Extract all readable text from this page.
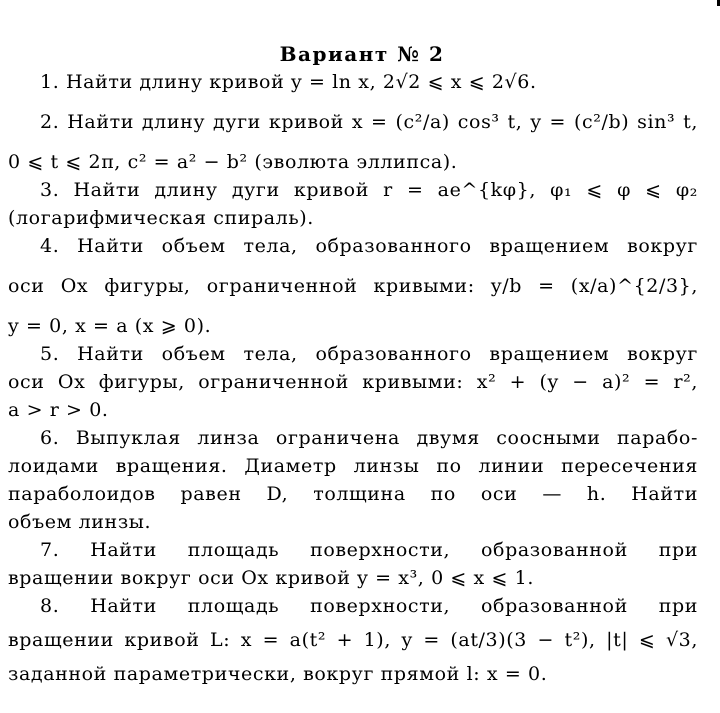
Вариант № 2
1. Найти длину кривой y = ln x, 2√2 ⩽ x ⩽ 2√6.
2. Найти длину дуги кривой x = (c²/a) cos³ t, y = (c²/b) sin³ t,
0 ⩽ t ⩽ 2π, c² = a² − b² (эволюта эллипса).
3. Найти длину дуги кривой r = ae^{kφ}, φ₁ ⩽ φ ⩽ φ₂
(логарифмическая спираль).
4. Найти объем тела, образованного вращением вокруг
оси Ox фигуры, ограниченной кривыми: y/b = (x/a)^{2/3},
y = 0, x = a (x ⩾ 0).
5. Найти объем тела, образованного вращением вокруг
оси Ox фигуры, ограниченной кривыми: x² + (y − a)² = r²,
a > r > 0.
6. Выпуклая линза ограничена двумя соосными парабо-
лоидами вращения. Диаметр линзы по линии пересечения
параболоидов равен D, толщина по оси — h. Найти
объем линзы.
7. Найти площадь поверхности, образованной при
вращении вокруг оси Ox кривой y = x³, 0 ⩽ x ⩽ 1.
8. Найти площадь поверхности, образованной при
вращении кривой L: x = a(t² + 1), y = (at/3)(3 − t²), |t| ⩽ √3,
заданной параметрически, вокруг прямой l: x = 0.
